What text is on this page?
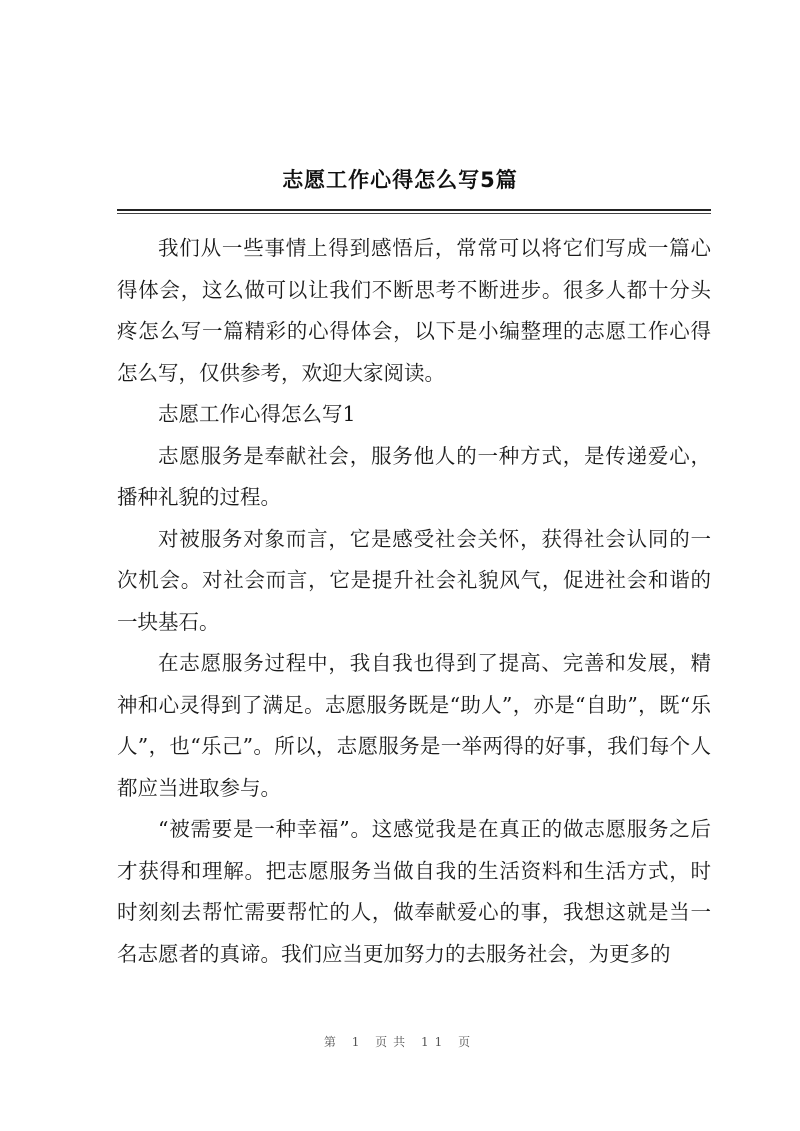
志愿工作心得怎么写5篇

我们从一些事情上得到感悟后，常常可以将它们写成一篇心得体会，这么做可以让我们不断思考不断进步。很多人都十分头疼怎么写一篇精彩的心得体会，以下是小编整理的志愿工作心得怎么写，仅供参考，欢迎大家阅读。

志愿工作心得怎么写1

志愿服务是奉献社会，服务他人的一种方式，是传递爱心，播种礼貌的过程。

对被服务对象而言，它是感受社会关怀，获得社会认同的一次机会。对社会而言，它是提升社会礼貌风气，促进社会和谐的一块基石。

在志愿服务过程中，我自我也得到了提高、完善和发展，精神和心灵得到了满足。志愿服务既是“助人”，亦是“自助”，既“乐人”，也“乐己”。所以，志愿服务是一举两得的好事，我们每个人都应当进取参与。

“被需要是一种幸福”。这感觉我是在真正的做志愿服务之后才获得和理解。把志愿服务当做自我的生活资料和生活方式，时时刻刻去帮忙需要帮忙的人，做奉献爱心的事，我想这就是当一名志愿者的真谛。我们应当更加努力的去服务社会，为更多的

第 1 页共 11 页
